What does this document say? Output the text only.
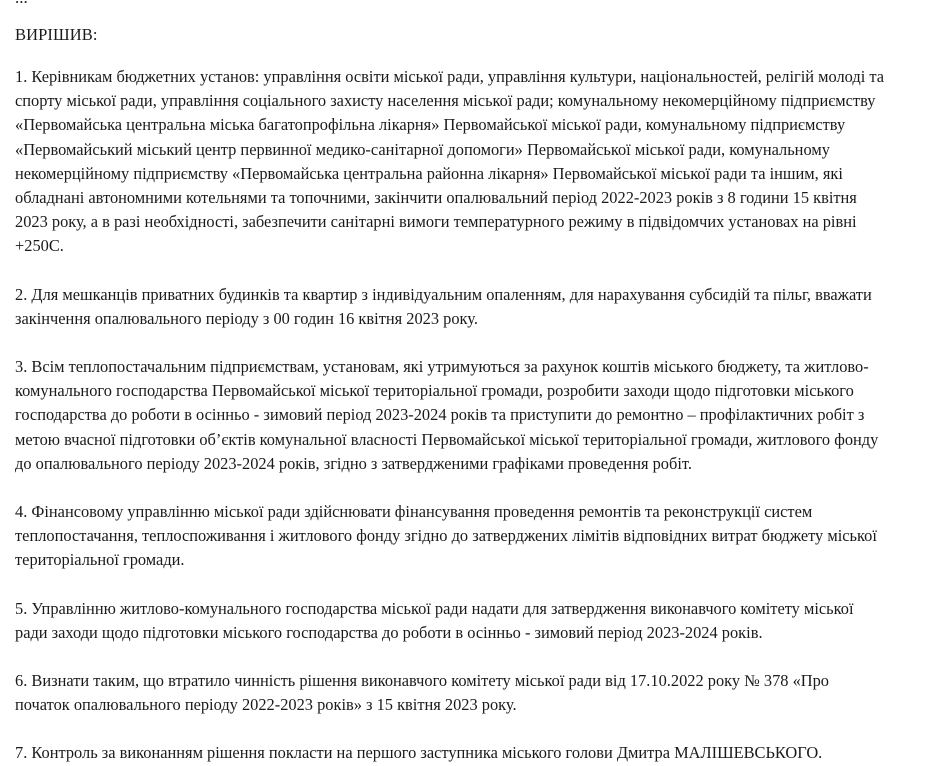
ВИРІШИВ:

1. Керівникам бюджетних установ: управління освіти міської ради, управління культури, національностей, релігій молоді та
спорту міської ради, управління соціального захисту населення міської ради; комунальному некомерційному підприємству
«Первомайська центральна міська багатопрофільна лікарня» Первомайської міської ради, комунальному підприємству
«Первомайський міський центр первинної медико-санітарної допомоги» Первомайської міської ради, комунальному
некомерційному підприємству «Первомайська центральна районна лікарня» Первомайської міської ради та іншим, які
обладнані автономними котельнями та топочними, закінчити опалювальний період 2022-2023 років з 8 години 15 квітня
2023 року, а в разі необхідності, забезпечити санітарні вимоги температурного режиму в підвідомчих установах на рівні
+250С.

2. Для мешканців приватних будинків та квартир з індивідуальним опаленням, для нарахування субсидій та пільг, вважати
закінчення опалювального періоду з 00 годин 16 квітня 2023 року.

3. Всім теплопостачальним підприємствам, установам, які утримуються за рахунок коштів міського бюджету, та житлово-
комунального господарства Первомайської міської територіальної громади, розробити заходи щодо підготовки міського
господарства до роботи в осінньо - зимовий період 2023-2024 років та приступити до ремонтно – профілактичних робіт з
метою вчасної підготовки об’єктів комунальної власності Первомайської міської територіальної громади, житлового фонду
до опалювального періоду 2023-2024 років, згідно з затвердженими графіками проведення робіт.

4. Фінансовому управлінню міської ради здійснювати фінансування проведення ремонтів та реконструкції систем
теплопостачання, теплоспоживання і житлового фонду згідно до затверджених лімітів відповідних витрат бюджету міської
територіальної громади.

5. Управлінню житлово-комунального господарства міської ради надати для затвердження виконавчого комітету міської
ради заходи щодо підготовки міського господарства до роботи в осінньо - зимовий період 2023-2024 років.

6. Визнати таким, що втратило чинність рішення виконавчого комітету міської ради від 17.10.2022 року № 378 «Про
початок опалювального періоду 2022-2023 років» з 15 квітня 2023 року.

7. Контроль за виконанням рішення покласти на першого заступника міського голови Дмитра МАЛІШЕВСЬКОГО.
